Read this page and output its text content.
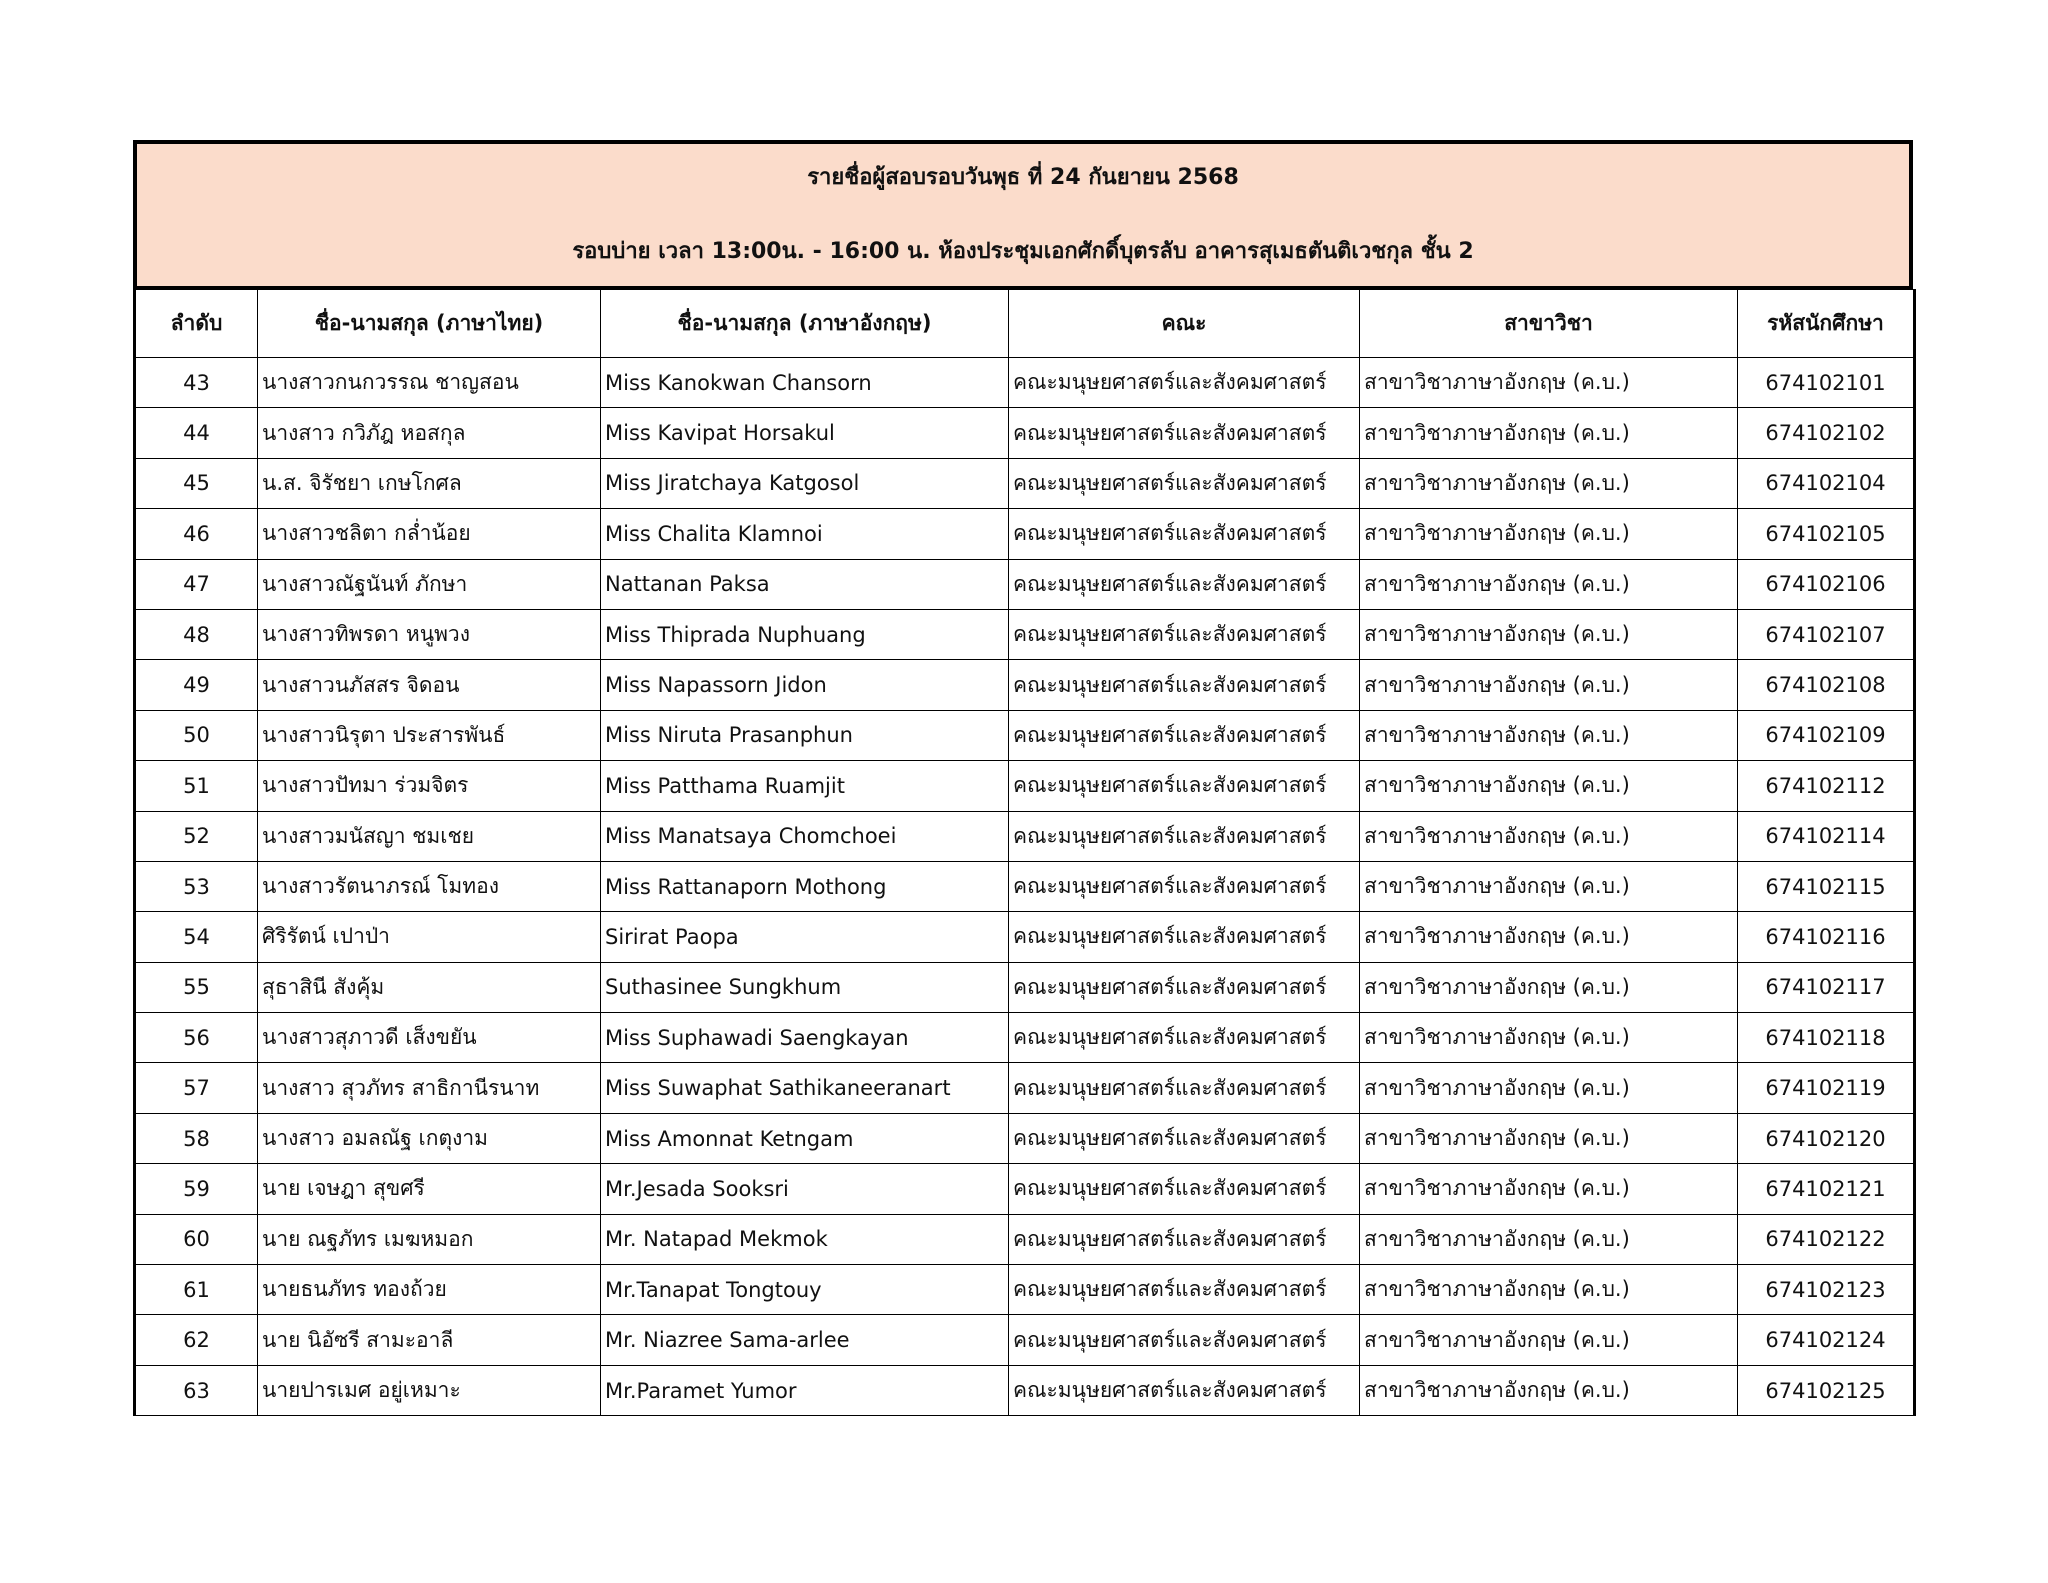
รายชื่อผู้สอบรอบวันพุธ ที่ 24 กันยายน 2568
รอบบ่าย เวลา 13:00น. - 16:00 น. ห้องประชุมเอกศักดิ์บุตรลับ อาคารสุเมธตันติเวชกุล ชั้น 2
ลำดับ	ชื่อ-นามสกุล (ภาษาไทย)	ชื่อ-นามสกุล (ภาษาอังกฤษ)	คณะ	สาขาวิชา	รหัสนักศึกษา
43	นางสาวกนกวรรณ ชาญสอน	Miss Kanokwan Chansorn	คณะมนุษยศาสตร์และสังคมศาสตร์	สาขาวิชาภาษาอังกฤษ (ค.บ.)	674102101
44	นางสาว กวิภัฎ หอสกุล	Miss Kavipat Horsakul	คณะมนุษยศาสตร์และสังคมศาสตร์	สาขาวิชาภาษาอังกฤษ (ค.บ.)	674102102
45	น.ส. จิรัชยา เกษโกศล	Miss Jiratchaya Katgosol	คณะมนุษยศาสตร์และสังคมศาสตร์	สาขาวิชาภาษาอังกฤษ (ค.บ.)	674102104
46	นางสาวชลิตา กล่ำน้อย	Miss Chalita Klamnoi	คณะมนุษยศาสตร์และสังคมศาสตร์	สาขาวิชาภาษาอังกฤษ (ค.บ.)	674102105
47	นางสาวณัฐนันท์ ภักษา	Nattanan Paksa	คณะมนุษยศาสตร์และสังคมศาสตร์	สาขาวิชาภาษาอังกฤษ (ค.บ.)	674102106
48	นางสาวทิพรดา หนูพวง	Miss Thiprada Nuphuang	คณะมนุษยศาสตร์และสังคมศาสตร์	สาขาวิชาภาษาอังกฤษ (ค.บ.)	674102107
49	นางสาวนภัสสร จิดอน	Miss Napassorn Jidon	คณะมนุษยศาสตร์และสังคมศาสตร์	สาขาวิชาภาษาอังกฤษ (ค.บ.)	674102108
50	นางสาวนิรุตา ประสารพันธ์	Miss Niruta Prasanphun	คณะมนุษยศาสตร์และสังคมศาสตร์	สาขาวิชาภาษาอังกฤษ (ค.บ.)	674102109
51	นางสาวปัทมา ร่วมจิตร	Miss Patthama Ruamjit	คณะมนุษยศาสตร์และสังคมศาสตร์	สาขาวิชาภาษาอังกฤษ (ค.บ.)	674102112
52	นางสาวมนัสญา ชมเชย	Miss Manatsaya Chomchoei	คณะมนุษยศาสตร์และสังคมศาสตร์	สาขาวิชาภาษาอังกฤษ (ค.บ.)	674102114
53	นางสาวรัตนาภรณ์ โมทอง	Miss Rattanaporn Mothong	คณะมนุษยศาสตร์และสังคมศาสตร์	สาขาวิชาภาษาอังกฤษ (ค.บ.)	674102115
54	ศิริรัตน์ เปาป่า	Sirirat Paopa	คณะมนุษยศาสตร์และสังคมศาสตร์	สาขาวิชาภาษาอังกฤษ (ค.บ.)	674102116
55	สุธาสินี สังคุ้ม	Suthasinee Sungkhum	คณะมนุษยศาสตร์และสังคมศาสตร์	สาขาวิชาภาษาอังกฤษ (ค.บ.)	674102117
56	นางสาวสุภาวดี เส็งขยัน	Miss Suphawadi Saengkayan	คณะมนุษยศาสตร์และสังคมศาสตร์	สาขาวิชาภาษาอังกฤษ (ค.บ.)	674102118
57	นางสาว สุวภัทร สาธิกานีรนาท	Miss Suwaphat Sathikaneeranart	คณะมนุษยศาสตร์และสังคมศาสตร์	สาขาวิชาภาษาอังกฤษ (ค.บ.)	674102119
58	นางสาว อมลณัฐ เกตุงาม	Miss Amonnat Ketngam	คณะมนุษยศาสตร์และสังคมศาสตร์	สาขาวิชาภาษาอังกฤษ (ค.บ.)	674102120
59	นาย เจษฎา สุขศรี	Mr.Jesada Sooksri	คณะมนุษยศาสตร์และสังคมศาสตร์	สาขาวิชาภาษาอังกฤษ (ค.บ.)	674102121
60	นาย ณฐภัทร เมฆหมอก	Mr. Natapad Mekmok	คณะมนุษยศาสตร์และสังคมศาสตร์	สาขาวิชาภาษาอังกฤษ (ค.บ.)	674102122
61	นายธนภัทร ทองถ้วย	Mr.Tanapat Tongtouy	คณะมนุษยศาสตร์และสังคมศาสตร์	สาขาวิชาภาษาอังกฤษ (ค.บ.)	674102123
62	นาย นิอัซรี สามะอาลี	Mr. Niazree Sama-arlee	คณะมนุษยศาสตร์และสังคมศาสตร์	สาขาวิชาภาษาอังกฤษ (ค.บ.)	674102124
63	นายปารเมศ อยู่เหมาะ	Mr.Paramet Yumor	คณะมนุษยศาสตร์และสังคมศาสตร์	สาขาวิชาภาษาอังกฤษ (ค.บ.)	674102125
